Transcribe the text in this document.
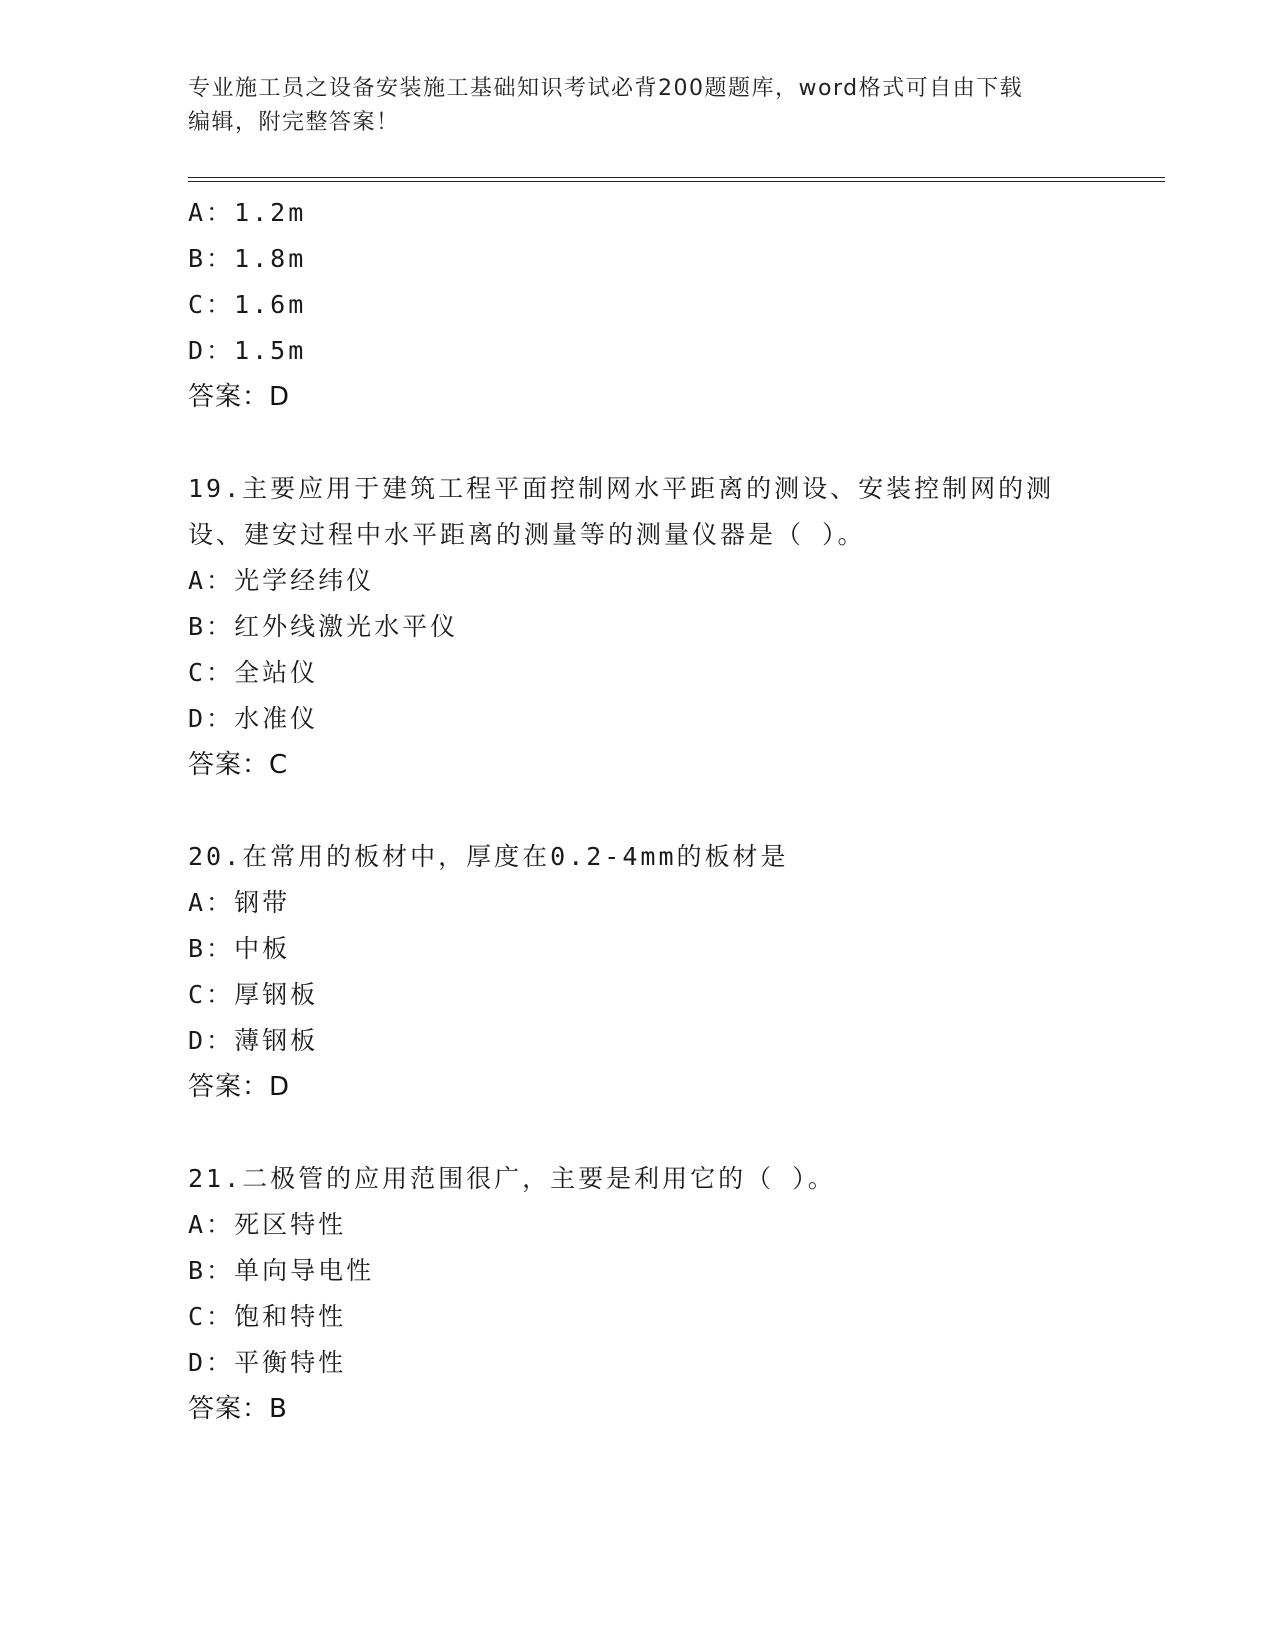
专业施工员之设备安装施工基础知识考试必背200题题库，word格式可自由下载
编辑，附完整答案！
A：1.2m
B：1.8m
C：1.6m
D：1.5m
答案：D
19.主要应用于建筑工程平面控制网水平距离的测设、安装控制网的测
设、建安过程中水平距离的测量等的测量仪器是（ ）。
A：光学经纬仪
B：红外线激光水平仪
C：全站仪
D：水准仪
答案：C
20.在常用的板材中，厚度在0.2-4mm的板材是
A：钢带
B：中板
C：厚钢板
D：薄钢板
答案：D
21.二极管的应用范围很广，主要是利用它的（ ）。
A：死区特性
B：单向导电性
C：饱和特性
D：平衡特性
答案：B
